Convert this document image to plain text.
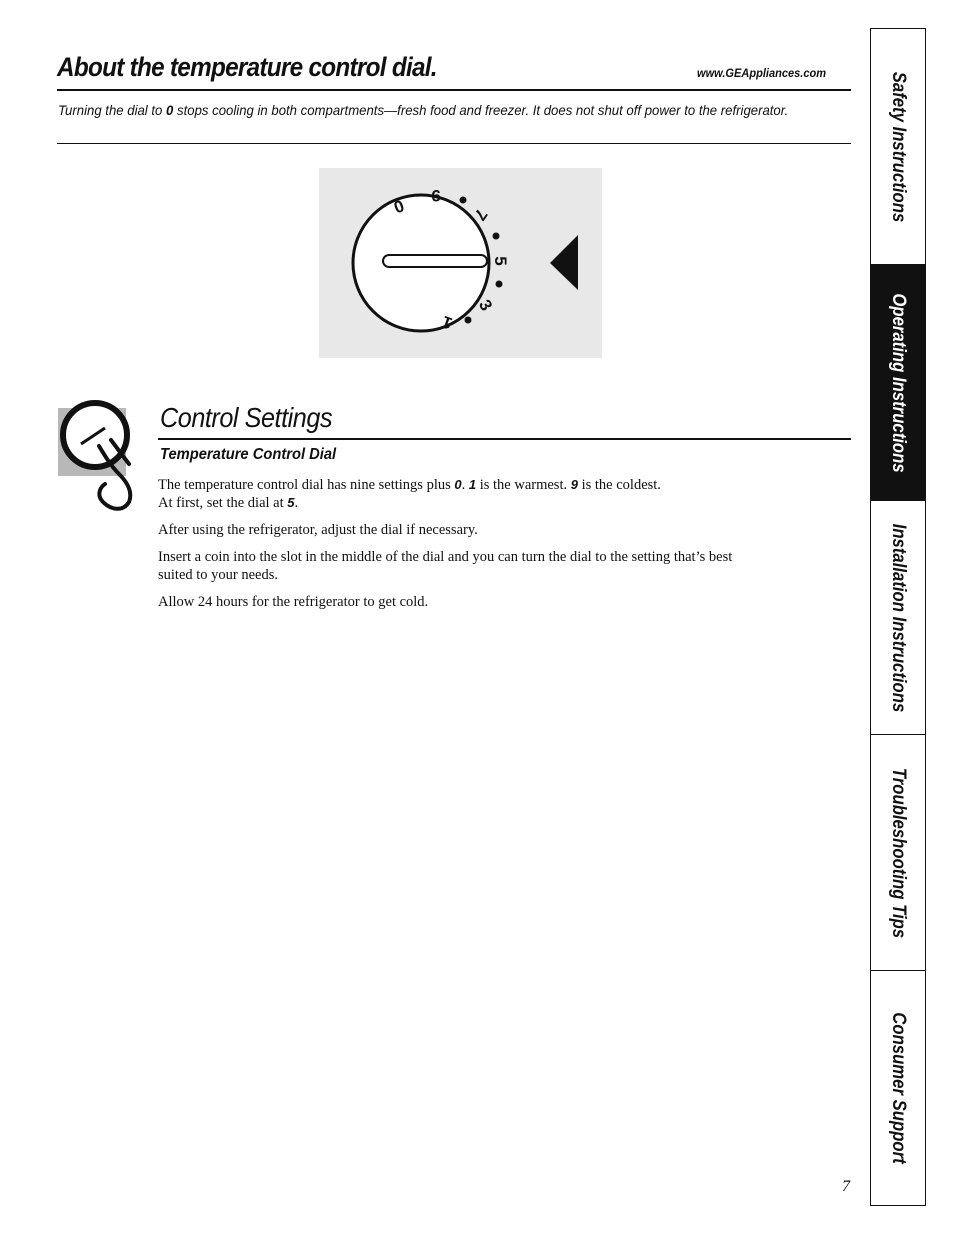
About the temperature control dial.	www.GEAppliances.com
Turning the dial to 0 stops cooling in both compartments—fresh food and freezer. It does not shut off power to the refrigerator.
0
9
7
5
3
1
Control Settings
Temperature Control Dial

The temperature control dial has nine settings plus 0. 1 is the warmest. 9 is the coldest.
At first, set the dial at 5.

After using the refrigerator, adjust the dial if necessary.

Insert a coin into the slot in the middle of the dial and you can turn the dial to the setting that’s best suited to your needs.

Allow 24 hours for the refrigerator to get cold.

7
Safety Instructions
Operating Instructions
Installation Instructions
Troubleshooting Tips
Consumer Support
